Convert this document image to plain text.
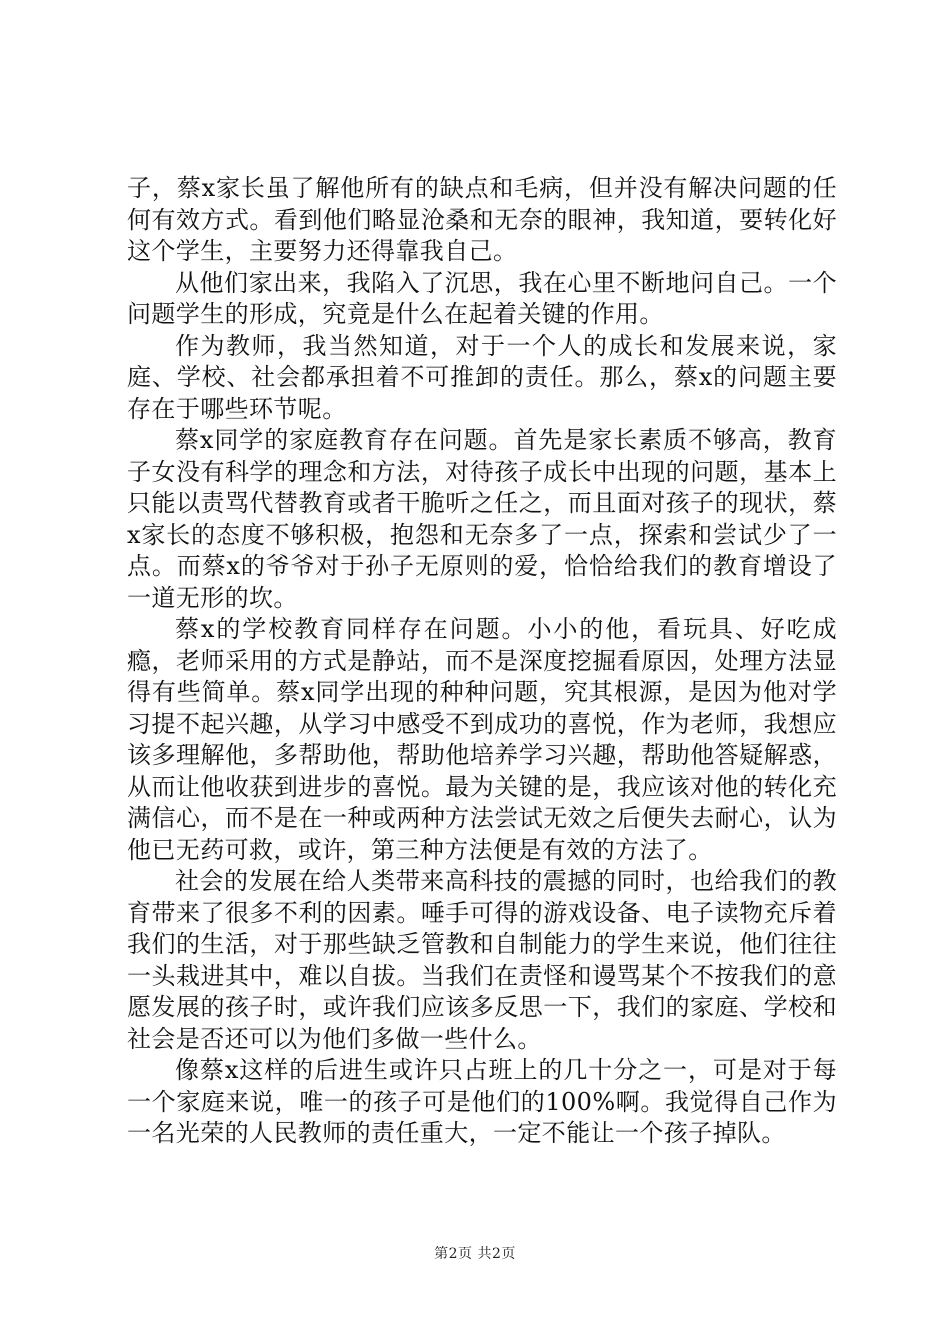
子，蔡x家长虽了解他所有的缺点和毛病，但并没有解决问题的任何有效方式。看到他们略显沧桑和无奈的眼神，我知道，要转化好这个学生，主要努力还得靠我自己。

从他们家出来，我陷入了沉思，我在心里不断地问自己。一个问题学生的形成，究竟是什么在起着关键的作用。

作为教师，我当然知道，对于一个人的成长和发展来说，家庭、学校、社会都承担着不可推卸的责任。那么，蔡x的问题主要存在于哪些环节呢。

蔡x同学的家庭教育存在问题。首先是家长素质不够高，教育子女没有科学的理念和方法，对待孩子成长中出现的问题，基本上只能以责骂代替教育或者干脆听之任之，而且面对孩子的现状，蔡x家长的态度不够积极，抱怨和无奈多了一点，探索和尝试少了一点。而蔡x的爷爷对于孙子无原则的爱，恰恰给我们的教育增设了一道无形的坎。

蔡x的学校教育同样存在问题。小小的他，看玩具、好吃成瘾，老师采用的方式是静站，而不是深度挖掘看原因，处理方法显得有些简单。蔡x同学出现的种种问题，究其根源，是因为他对学习提不起兴趣，从学习中感受不到成功的喜悦，作为老师，我想应该多理解他，多帮助他，帮助他培养学习兴趣，帮助他答疑解惑，从而让他收获到进步的喜悦。最为关键的是，我应该对他的转化充满信心，而不是在一种或两种方法尝试无效之后便失去耐心，认为他已无药可救，或许，第三种方法便是有效的方法了。

社会的发展在给人类带来高科技的震撼的同时，也给我们的教育带来了很多不利的因素。唾手可得的游戏设备、电子读物充斥着我们的生活，对于那些缺乏管教和自制能力的学生来说，他们往往一头栽进其中，难以自拔。当我们在责怪和谩骂某个不按我们的意愿发展的孩子时，或许我们应该多反思一下，我们的家庭、学校和社会是否还可以为他们多做一些什么。

像蔡x这样的后进生或许只占班上的几十分之一，可是对于每一个家庭来说，唯一的孩子可是他们的100%啊。我觉得自己作为一名光荣的人民教师的责任重大，一定不能让一个孩子掉队。

第2页 共2页
